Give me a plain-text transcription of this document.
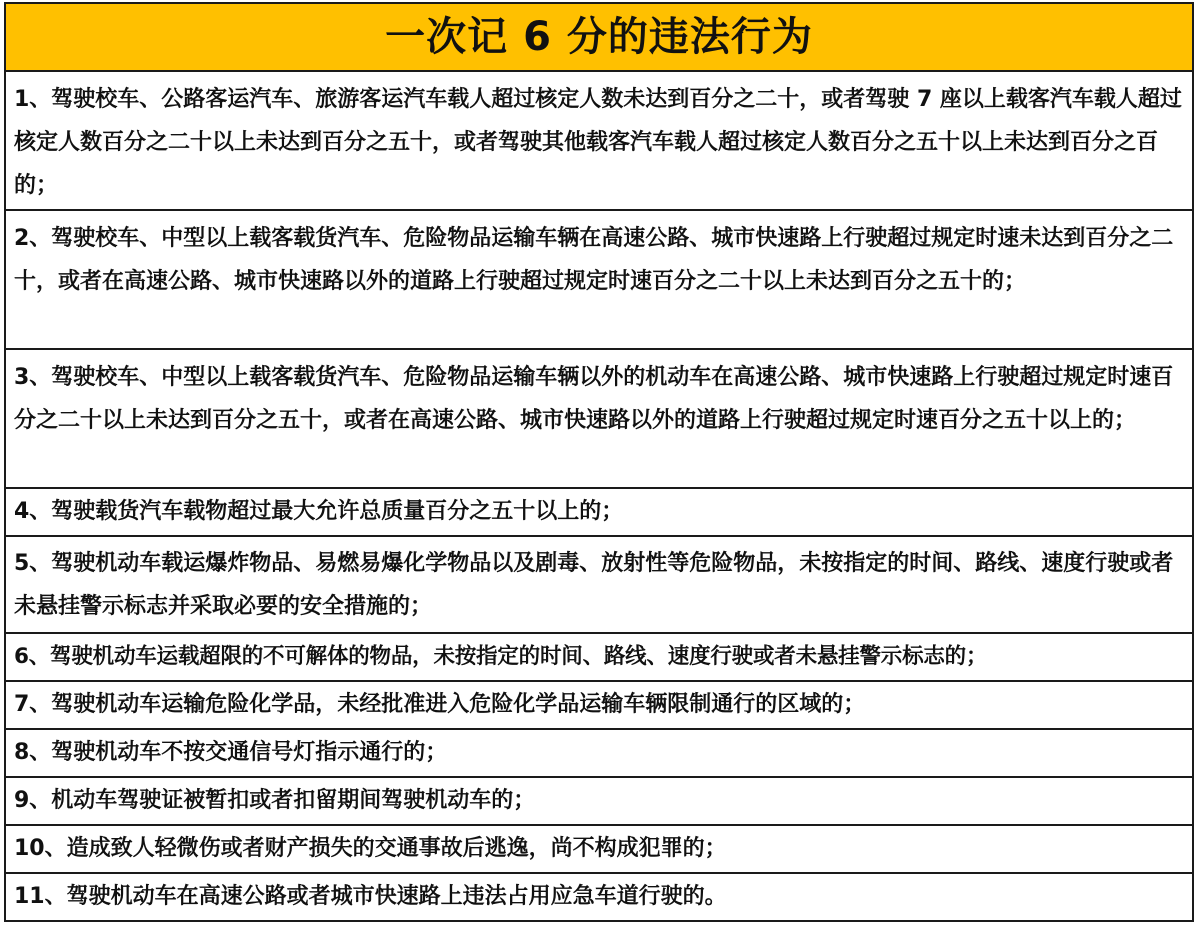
一次记 6 分的违法行为
1、驾驶校车、公路客运汽车、旅游客运汽车载人超过核定人数未达到百分之二十，或者驾驶 7 座以上载客汽车载人超过核定人数百分之二十以上未达到百分之五十，或者驾驶其他载客汽车载人超过核定人数百分之五十以上未达到百分之百的；
2、驾驶校车、中型以上载客载货汽车、危险物品运输车辆在高速公路、城市快速路上行驶超过规定时速未达到百分之二十，或者在高速公路、城市快速路以外的道路上行驶超过规定时速百分之二十以上未达到百分之五十的；
3、驾驶校车、中型以上载客载货汽车、危险物品运输车辆以外的机动车在高速公路、城市快速路上行驶超过规定时速百分之二十以上未达到百分之五十，或者在高速公路、城市快速路以外的道路上行驶超过规定时速百分之五十以上的；
4、驾驶载货汽车载物超过最大允许总质量百分之五十以上的；
5、驾驶机动车载运爆炸物品、易燃易爆化学物品以及剧毒、放射性等危险物品，未按指定的时间、路线、速度行驶或者未悬挂警示标志并采取必要的安全措施的；
6、驾驶机动车运载超限的不可解体的物品，未按指定的时间、路线、速度行驶或者未悬挂警示标志的；
7、驾驶机动车运输危险化学品，未经批准进入危险化学品运输车辆限制通行的区域的；
8、驾驶机动车不按交通信号灯指示通行的；
9、机动车驾驶证被暂扣或者扣留期间驾驶机动车的；
10、造成致人轻微伤或者财产损失的交通事故后逃逸，尚不构成犯罪的；
11、驾驶机动车在高速公路或者城市快速路上违法占用应急车道行驶的。
